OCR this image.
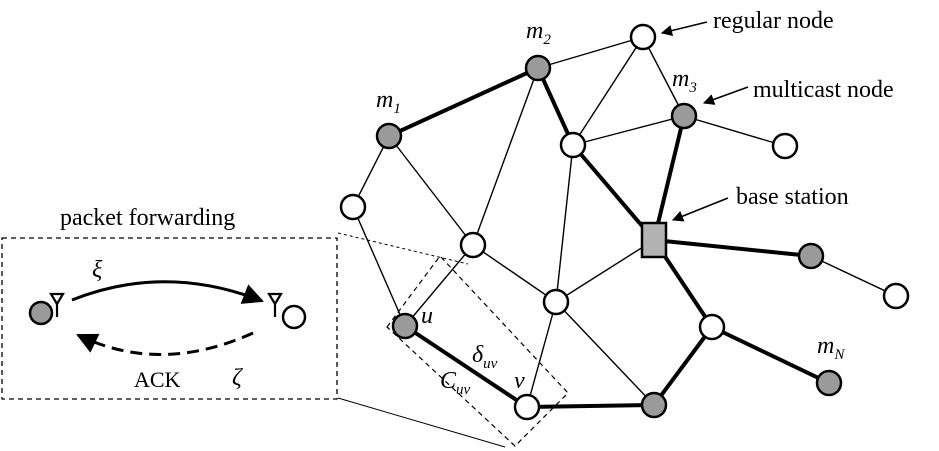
regular node
multicast node
base station
$m_1$
$m_2$
$m_3$
$m_N$
u
v
$\delta_{uv}$
$C_{uv}$
packet forwarding
ξ
ACK ζ
